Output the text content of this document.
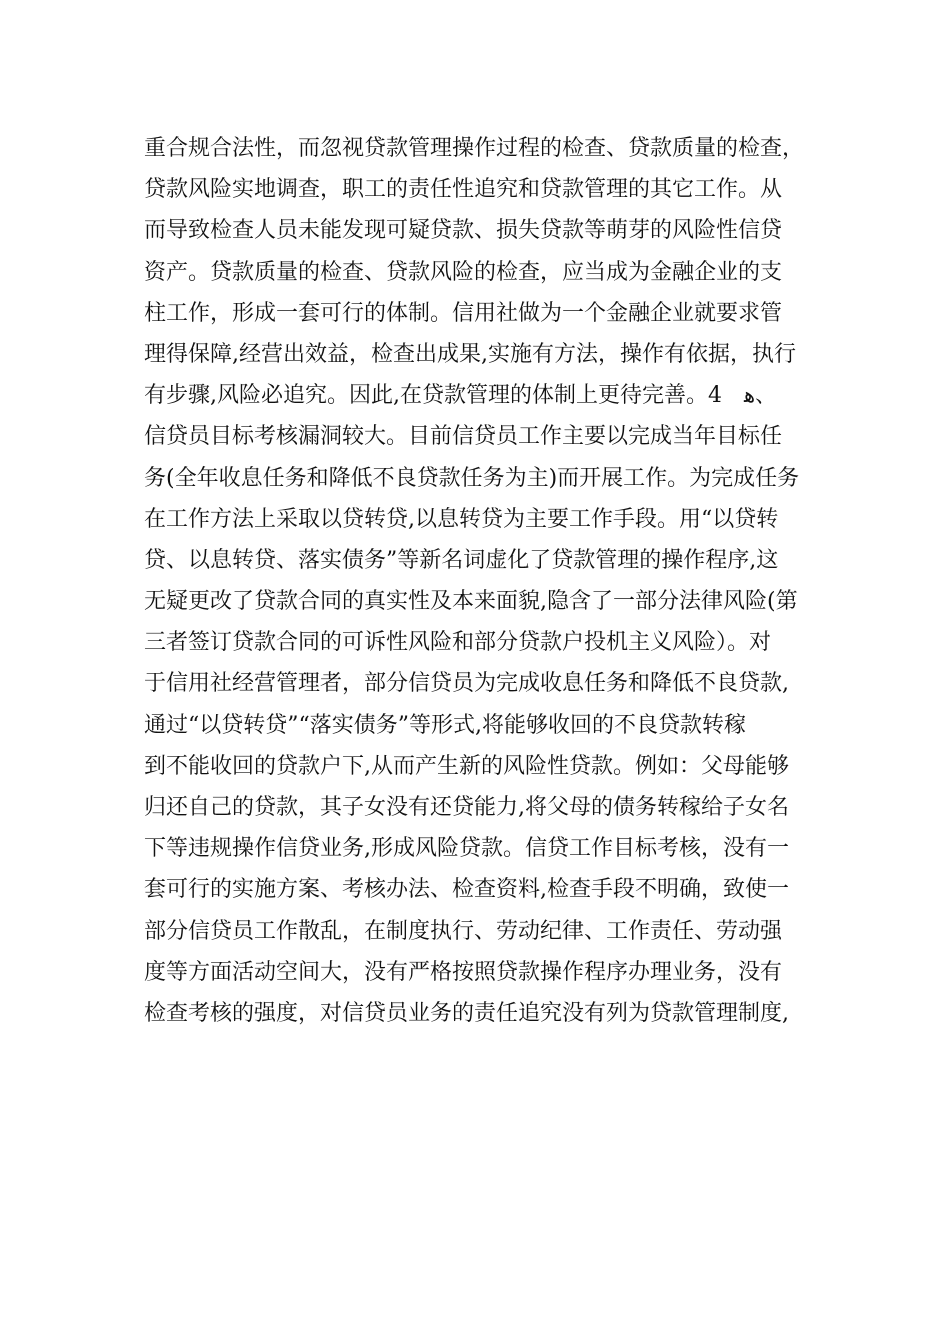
重合规合法性，而忽视贷款管理操作过程的检查、贷款质量的检查，
贷款风险实地调查，职工的责任性追究和贷款管理的其它工作。从
而导致检查人员未能发现可疑贷款、损失贷款等萌芽的风险性信贷
资产。贷款质量的检查、贷款风险的检查，应当成为金融企业的支
柱工作，形成一套可行的体制。信用社做为一个金融企业就要求管
理得保障,经营出效益，检查出成果,实施有方法，操作有依据，执行
有步骤,风险必追究。因此,在贷款管理的体制上更待完善。4 ﻫ、
信贷员目标考核漏洞较大。目前信贷员工作主要以完成当年目标任
务(全年收息任务和降低不良贷款任务为主)而开展工作。为完成任务
在工作方法上采取以贷转贷,以息转贷为主要工作手段。用“以贷转
贷、以息转贷、落实债务”等新名词虚化了贷款管理的操作程序,这
无疑更改了贷款合同的真实性及本来面貌,隐含了一部分法律风险(第
三者签订贷款合同的可诉性风险和部分贷款户投机主义风险）。对
于信用社经营管理者，部分信贷员为完成收息任务和降低不良贷款,
通过“以贷转贷”“落实债务”等形式,将能够收回的不良贷款转稼
到不能收回的贷款户下,从而产生新的风险性贷款。例如：父母能够
归还自己的贷款，其子女没有还贷能力,将父母的债务转稼给子女名
下等违规操作信贷业务,形成风险贷款。信贷工作目标考核，没有一
套可行的实施方案、考核办法、检查资料,检查手段不明确，致使一
部分信贷员工作散乱，在制度执行、劳动纪律、工作责任、劳动强
度等方面活动空间大，没有严格按照贷款操作程序办理业务，没有
检查考核的强度，对信贷员业务的责任追究没有列为贷款管理制度,
